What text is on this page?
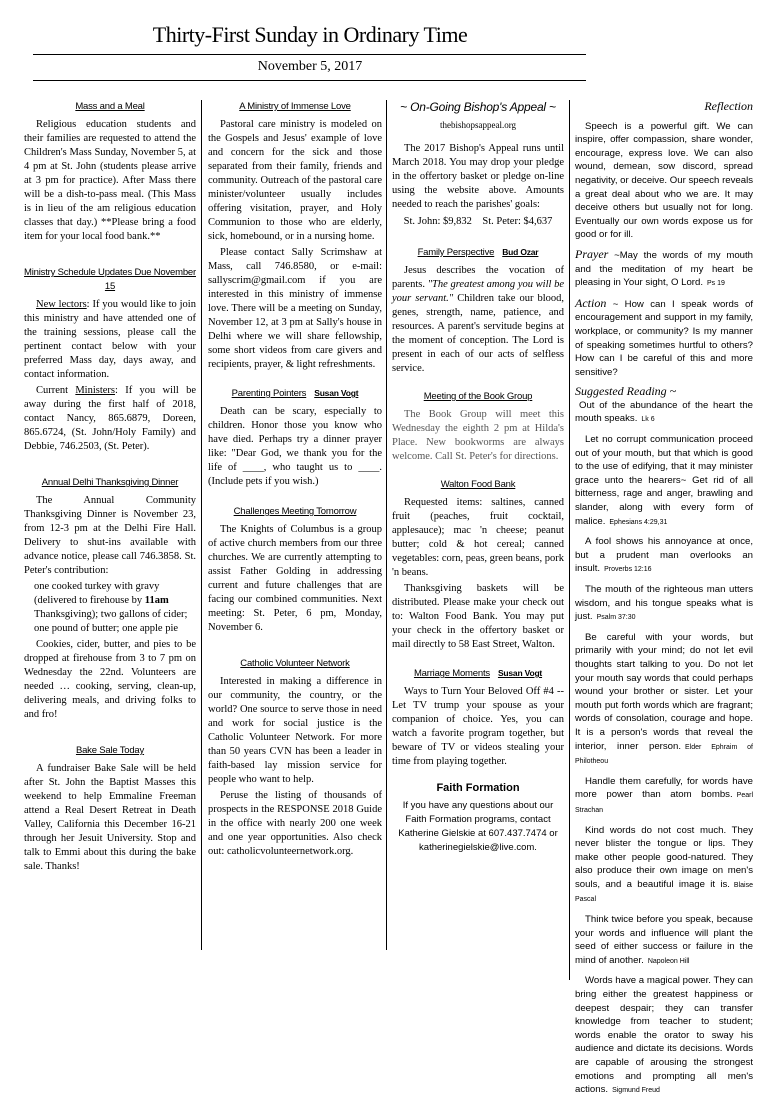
Thirty-First Sunday in Ordinary Time
November 5, 2017
Mass and a Meal
Religious education students and their families are requested to attend the Children's Mass Sunday, November 5, at 4 pm at St. John (students please arrive at 3 pm for practice). After Mass there will be a dish-to-pass meal. (This Mass is in lieu of the am religious education classes that day.) **Please bring a food item for your local food bank.**
Ministry Schedule Updates Due November 15
New lectors: If you would like to join this ministry and have attended one of the training sessions, please call the pertinent contact below with your preferred Mass day, days away, and contact information.
Current Ministers: If you will be away during the first half of 2018, contact Nancy, 865.6879, Doreen, 865.6724, (St. John/Holy Family) and Debbie, 746.2503, (St. Peter).
Annual Delhi Thanksgiving Dinner
The Annual Community Thanksgiving Dinner is November 23, from 12-3 pm at the Delhi Fire Hall. Delivery to shut-ins available with advance notice, please call 746.3858. St. Peter's contribution:
one cooked turkey with gravy (delivered to firehouse by 11am Thanksgiving); two gallons of cider; one pound of butter; one apple pie
Cookies, cider, butter, and pies to be dropped at firehouse from 3 to 7 pm on Wednesday the 22nd. Volunteers are needed … cooking, serving, clean-up, delivering meals, and driving folks to and fro!
Bake Sale Today
A fundraiser Bake Sale will be held after St. John the Baptist Masses this weekend to help Emmaline Freeman attend a Real Desert Retreat in Death Valley, California this December 16-21 through her Jesuit University. Stop and talk to Emmi about this during the bake sale. Thanks!
A Ministry of Immense Love
Pastoral care ministry is modeled on the Gospels and Jesus' example of love and concern for the sick and those separated from their family, friends and community. Outreach of the pastoral care minister/volunteer usually includes offering visitation, prayer, and Holy Communion to those who are elderly, sick, homebound, or in a nursing home.
Please contact Sally Scrimshaw at Mass, call 746.8580, or e-mail: sallyscrim@gmail.com if you are interested in this ministry of immense love. There will be a meeting on Sunday, November 12, at 3 pm at Sally's house in Delhi where we will share fellowship, some short videos from care givers and recipients, prayer, & light refreshments.
Parenting Pointers Susan Vogt
Death can be scary, especially to children. Honor those you know who have died. Perhaps try a dinner prayer like: "Dear God, we thank you for the life of ____, who taught us to ____. (Include pets if you wish.)
Challenges Meeting Tomorrow
The Knights of Columbus is a group of active church members from our three churches. We are currently attempting to assist Father Golding in addressing current and future challenges that are facing our combined communities. Next meeting: St. Peter, 6 pm, Monday, November 6.
Catholic Volunteer Network
Interested in making a difference in our community, the country, or the world? One source to serve those in need and work for social justice is the Catholic Volunteer Network. For more than 50 years CVN has been a leader in faith-based lay mission service for people who want to help.
Peruse the listing of thousands of prospects in the RESPONSE 2018 Guide in the office with nearly 200 one week and one year opportunities. Also check out: catholicvolunteernetwork.org.
~ On-Going Bishop's Appeal ~
thebishopsappeal.org
The 2017 Bishop's Appeal runs until March 2018. You may drop your pledge in the offertory basket or pledge on-line using the website above. Amounts needed to reach the parishes' goals:
St. John: $9,832    St. Peter: $4,637
Family Perspective Bud Ozar
Jesus describes the vocation of parents. "The greatest among you will be your servant." Children take our blood, genes, strength, name, patience, and resources. A parent's servitude begins at the moment of conception. The Lord is present in each of our acts of selfless service.
Meeting of the Book Group
The Book Group will meet this Wednesday the eighth 2 pm at Hilda's Place. New bookworms are always welcome. Call St. Peter's for directions.
Walton Food Bank
Requested items: saltines, canned fruit (peaches, fruit cocktail, applesauce); mac 'n cheese; peanut butter; cold & hot cereal; canned vegetables: corn, peas, green beans, pork 'n beans.
Thanksgiving baskets will be distributed. Please make your check out to: Walton Food Bank. You may put your check in the offertory basket or mail directly to 58 East Street, Walton.
Marriage Moments Susan Vogt
Ways to Turn Your Beloved Off #4 -- Let TV trump your spouse as your companion of choice. Yes, you can watch a favorite program together, but beware of TV or videos stealing your time from playing together.
Faith Formation
If you have any questions about our Faith Formation programs, contact Katherine Gielskie at 607.437.7474 or katherinegielskie@live.com.
Reflection
Speech is a powerful gift. We can inspire, offer compassion, share wonder, encourage, express love. We can also wound, demean, sow discord, spread negativity, or deceive. Our speech reveals a great deal about who we are. It may deceive others but usually not for long. Eventually our own words expose us for good or for ill.
Prayer ~May the words of my mouth and the meditation of my heart be pleasing in Your sight, O Lord. Ps 19
Action ~ How can I speak words of encouragement and support in my family, workplace, or community? Is my manner of speaking sometimes hurtful to others? How can I be careful of this and more sensitive?
Suggested Reading ~
Out of the abundance of the heart the mouth speaks. Lk 6
Let no corrupt communication proceed out of your mouth, but that which is good to the use of edifying, that it may minister grace unto the hearers~ Get rid of all bitterness, rage and anger, brawling and slander, along with every form of malice. Ephesians 4:29,31
A fool shows his annoyance at once, but a prudent man overlooks an insult. Proverbs 12:16
The mouth of the righteous man utters wisdom, and his tongue speaks what is just. Psalm 37:30
Be careful with your words, but primarily with your mind; do not let evil thoughts start talking to you. Do not let your mouth say words that could perhaps wound your brother or sister. Let your mouth put forth words which are fragrant; words of consolation, courage and hope. It is a person's words that reveal the interior, inner person. Elder Ephraim of Philotheou
Handle them carefully, for words have more power than atom bombs. Pearl Strachan
Kind words do not cost much. They never blister the tongue or lips. They make other people good-natured. They also produce their own image on men's souls, and a beautiful image it is. Blaise Pascal
Think twice before you speak, because your words and influence will plant the seed of either success or failure in the mind of another. Napoleon Hill
Words have a magical power. They can bring either the greatest happiness or deepest despair; they can transfer knowledge from teacher to student; words enable the orator to sway his audience and dictate its decisions. Words are capable of arousing the strongest emotions and prompting all men's actions. Sigmund Freud
